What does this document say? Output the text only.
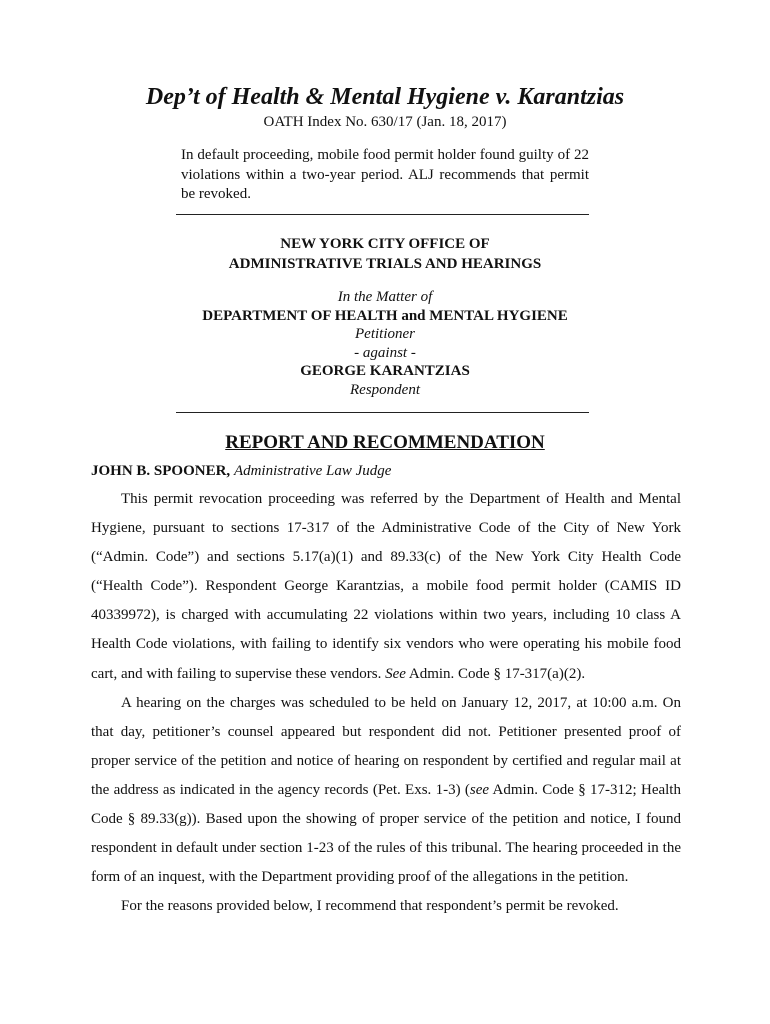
Dep’t of Health & Mental Hygiene v. Karantzias

OATH Index No. 630/17 (Jan. 18, 2017)

In default proceeding, mobile food permit holder found guilty of 22 violations within a two-year period. ALJ recommends that permit be revoked.

NEW YORK CITY OFFICE OF
ADMINISTRATIVE TRIALS AND HEARINGS
In the Matter of
DEPARTMENT OF HEALTH and MENTAL HYGIENE
Petitioner
- against -
GEORGE KARANTZIAS
Respondent
REPORT AND RECOMMENDATION

JOHN B. SPOONER, Administrative Law Judge

This permit revocation proceeding was referred by the Department of Health and Mental Hygiene, pursuant to sections 17-317 of the Administrative Code of the City of New York (“Admin. Code”) and sections 5.17(a)(1) and 89.33(c) of the New York City Health Code (“Health Code”). Respondent George Karantzias, a mobile food permit holder (CAMIS ID 40339972), is charged with accumulating 22 violations within two years, including 10 class A Health Code violations, with failing to identify six vendors who were operating his mobile food cart, and with failing to supervise these vendors. See Admin. Code § 17-317(a)(2).

A hearing on the charges was scheduled to be held on January 12, 2017, at 10:00 a.m. On that day, petitioner’s counsel appeared but respondent did not. Petitioner presented proof of proper service of the petition and notice of hearing on respondent by certified and regular mail at the address as indicated in the agency records (Pet. Exs. 1-3) (see Admin. Code § 17-312; Health Code § 89.33(g)). Based upon the showing of proper service of the petition and notice, I found respondent in default under section 1-23 of the rules of this tribunal. The hearing proceeded in the form of an inquest, with the Department providing proof of the allegations in the petition.

For the reasons provided below, I recommend that respondent’s permit be revoked.
